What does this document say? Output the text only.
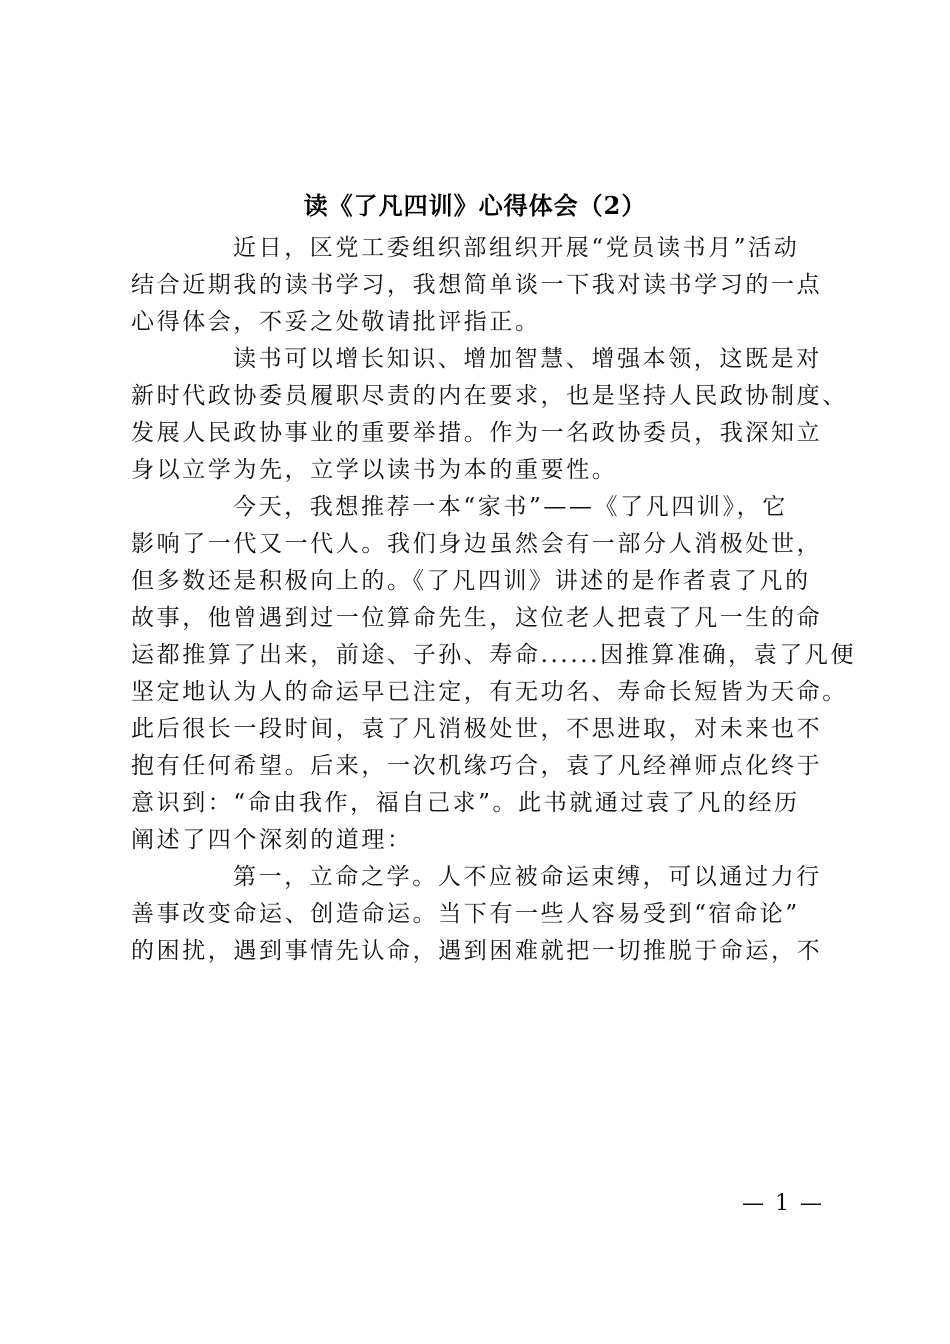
读《了凡四训》心得体会（2）
近日，区党工委组织部组织开展“党员读书月”活动
结合近期我的读书学习，我想简单谈一下我对读书学习的一点
心得体会，不妥之处敬请批评指正。
读书可以增长知识、增加智慧、增强本领，这既是对
新时代政协委员履职尽责的内在要求，也是坚持人民政协制度、
发展人民政协事业的重要举措。作为一名政协委员，我深知立
身以立学为先，立学以读书为本的重要性。
今天，我想推荐一本“家书”——《了凡四训》，它
影响了一代又一代人。我们身边虽然会有一部分人消极处世，
但多数还是积极向上的。《了凡四训》讲述的是作者袁了凡的
故事，他曾遇到过一位算命先生，这位老人把袁了凡一生的命
运都推算了出来，前途、子孙、寿命......因推算准确，袁了凡便
坚定地认为人的命运早已注定，有无功名、寿命长短皆为天命。
此后很长一段时间，袁了凡消极处世，不思进取，对未来也不
抱有任何希望。后来，一次机缘巧合，袁了凡经禅师点化终于
意识到：“命由我作，福自己求”。此书就通过袁了凡的经历
阐述了四个深刻的道理：
第一，立命之学。人不应被命运束缚，可以通过力行
善事改变命运、创造命运。当下有一些人容易受到“宿命论”
的困扰，遇到事情先认命，遇到困难就把一切推脱于命运，不
— 1 —
